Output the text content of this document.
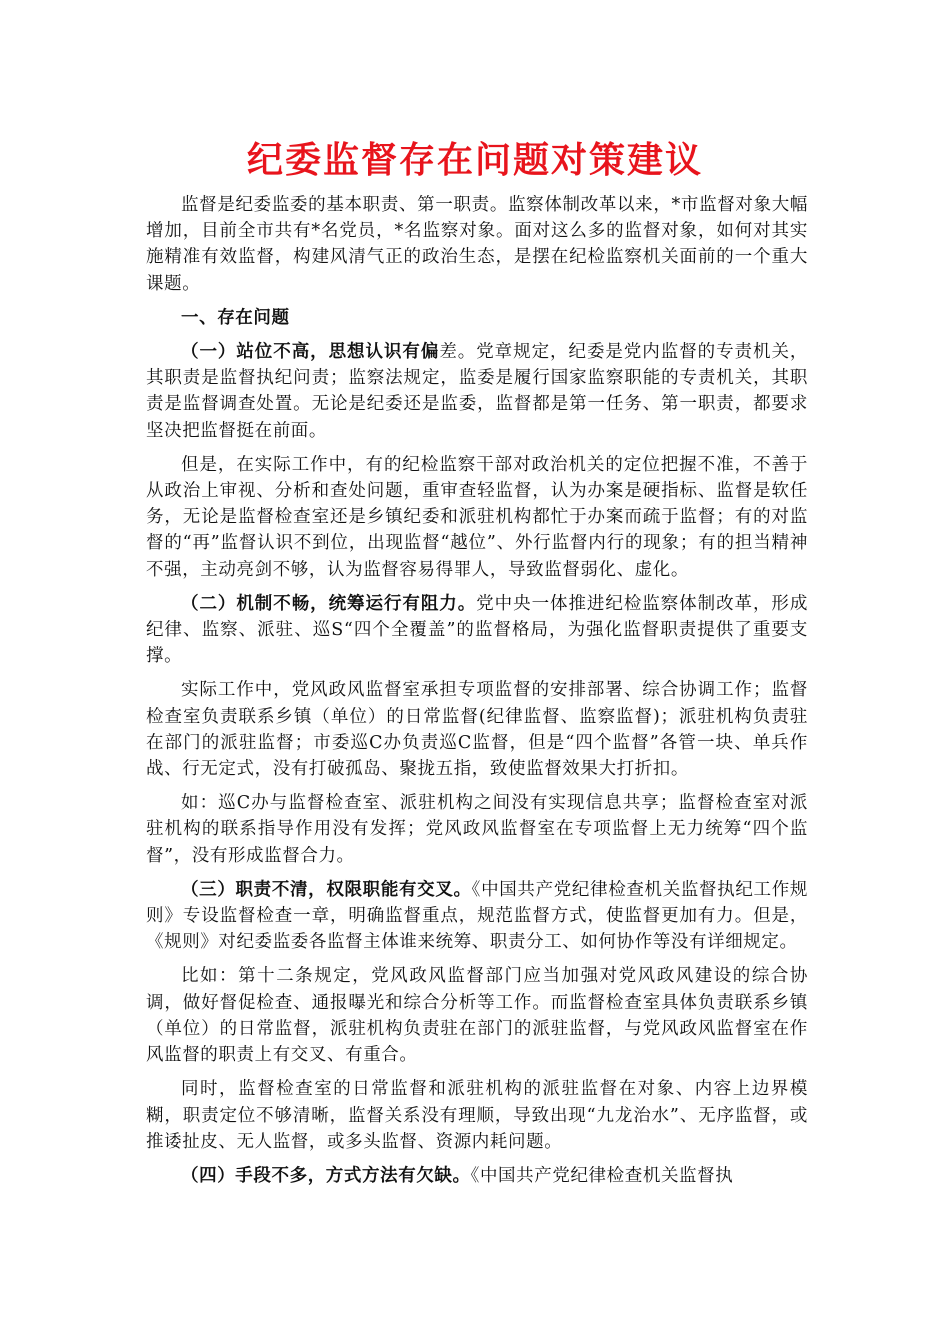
纪委监督存在问题对策建议

监督是纪委监委的基本职责、第一职责。监察体制改革以来，*市监督对象大幅增加，目前全市共有*名党员，*名监察对象。面对这么多的监督对象，如何对其实施精准有效监督，构建风清气正的政治生态，是摆在纪检监察机关面前的一个重大课题。

一、存在问题

（一）站位不高，思想认识有偏差。党章规定，纪委是党内监督的专责机关，其职责是监督执纪问责；监察法规定，监委是履行国家监察职能的专责机关，其职责是监督调查处置。无论是纪委还是监委，监督都是第一任务、第一职责，都要求坚决把监督挺在前面。

但是，在实际工作中，有的纪检监察干部对政治机关的定位把握不准，不善于从政治上审视、分析和查处问题，重审查轻监督，认为办案是硬指标、监督是软任务，无论是监督检查室还是乡镇纪委和派驻机构都忙于办案而疏于监督；有的对监督的“再”监督认识不到位，出现监督“越位”、外行监督内行的现象；有的担当精神不强，主动亮剑不够，认为监督容易得罪人，导致监督弱化、虚化。

（二）机制不畅，统筹运行有阻力。党中央一体推进纪检监察体制改革，形成纪律、监察、派驻、巡S“四个全覆盖”的监督格局，为强化监督职责提供了重要支撑。

实际工作中，党风政风监督室承担专项监督的安排部署、综合协调工作；监督检查室负责联系乡镇（单位）的日常监督(纪律监督、监察监督)；派驻机构负责驻在部门的派驻监督；市委巡C办负责巡C监督，但是“四个监督”各管一块、单兵作战、行无定式，没有打破孤岛、聚拢五指，致使监督效果大打折扣。

如：巡C办与监督检查室、派驻机构之间没有实现信息共享；监督检查室对派驻机构的联系指导作用没有发挥；党风政风监督室在专项监督上无力统筹“四个监督”，没有形成监督合力。

（三）职责不清，权限职能有交叉。《中国共产党纪律检查机关监督执纪工作规则》专设监督检查一章，明确监督重点，规范监督方式，使监督更加有力。但是，《规则》对纪委监委各监督主体谁来统筹、职责分工、如何协作等没有详细规定。

比如：第十二条规定，党风政风监督部门应当加强对党风政风建设的综合协调，做好督促检查、通报曝光和综合分析等工作。而监督检查室具体负责联系乡镇（单位）的日常监督，派驻机构负责驻在部门的派驻监督，与党风政风监督室在作风监督的职责上有交叉、有重合。

同时，监督检查室的日常监督和派驻机构的派驻监督在对象、内容上边界模糊，职责定位不够清晰，监督关系没有理顺，导致出现“九龙治水”、无序监督，或推诿扯皮、无人监督，或多头监督、资源内耗问题。

（四）手段不多，方式方法有欠缺。《中国共产党纪律检查机关监督执
